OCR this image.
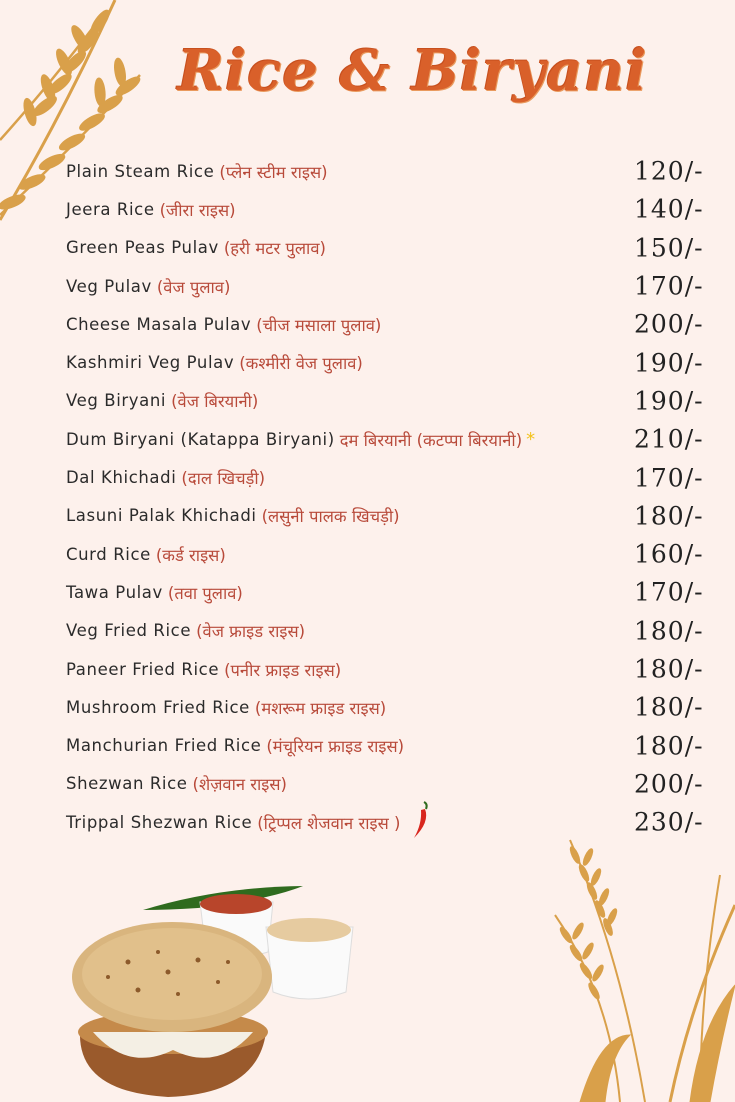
Rice & Biryani
Plain Steam Rice (प्लेन स्टीम राइस)	120/-
Jeera Rice (जीरा राइस)	140/-
Green Peas Pulav (हरी मटर पुलाव)	150/-
Veg Pulav (वेज पुलाव)	170/-
Cheese Masala Pulav (चीज मसाला पुलाव)	200/-
Kashmiri Veg Pulav (कश्मीरी वेज पुलाव)	190/-
Veg Biryani (वेज बिरयानी)	190/-
Dum Biryani (Katappa Biryani) दम बिरयानी (कटप्पा बिरयानी) *	210/-
Dal Khichadi (दाल खिचड़ी)	170/-
Lasuni Palak Khichadi (लसुनी पालक खिचड़ी)	180/-
Curd Rice (कर्ड राइस)	160/-
Tawa Pulav (तवा पुलाव)	170/-
Veg Fried Rice (वेज फ्राइड राइस)	180/-
Paneer Fried Rice (पनीर फ्राइड राइस)	180/-
Mushroom Fried Rice (मशरूम फ्राइड राइस)	180/-
Manchurian Fried Rice (मंचूरियन फ्राइड राइस)	180/-
Shezwan Rice (शेज़वान राइस)	200/-
Trippal Shezwan Rice (ट्रिप्पल शेजवान राइस )	230/-
